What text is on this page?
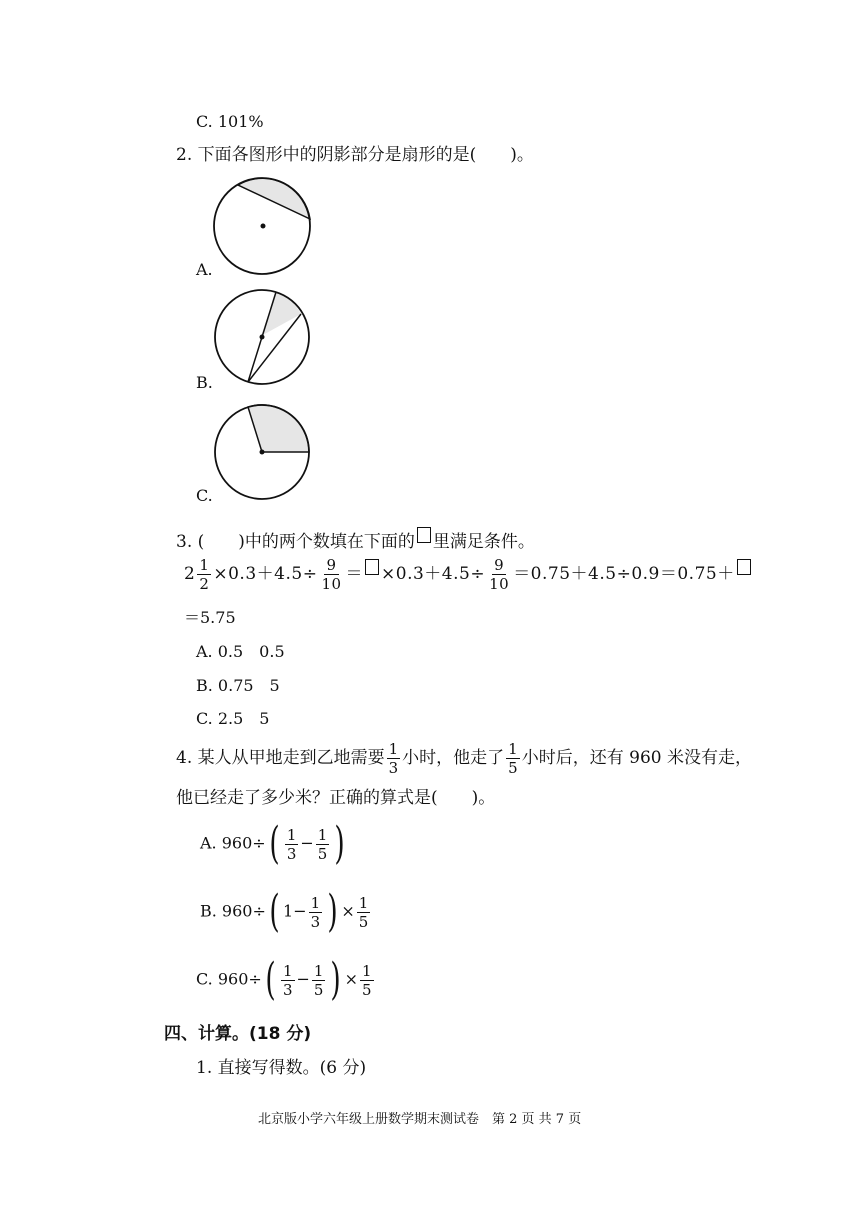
C. 101%
2. 下面各图形中的阴影部分是扇形的是(　　)。
A.
B.
C.
3. (　　)中的两个数填在下面的 里满足条件。
$2 \frac{1}{2} \times 0.3+4.5\div \frac{9}{10} = \times 0.3+4.5\div \frac{9}{10} =0.75+4.5\div 0.9=0.75+$
＝5.75
A. 0.5　0.5
B. 0.75　5
C. 2.5　5
4. 某人从甲地走到乙地需要 $\frac{1}{3}$ 小时，他走了 $\frac{1}{5}$ 小时后，还有 960 米没有走，
他已经走了多少米？正确的算式是(　　)。
A. $960\div( \frac{1}{3} - \frac{1}{5}$ )
B. 960÷( $1- \frac{1}{3}$ ) × $\frac{1}{5}$
C. $960\div( \frac{1}{3} - \frac{1}{5}$ ) × $\frac{1}{5}$
四、计算。(18 分)
1. 直接写得数。(6 分)
北京版小学六年级上册数学期末测试卷　第 2 页 共 7 页
